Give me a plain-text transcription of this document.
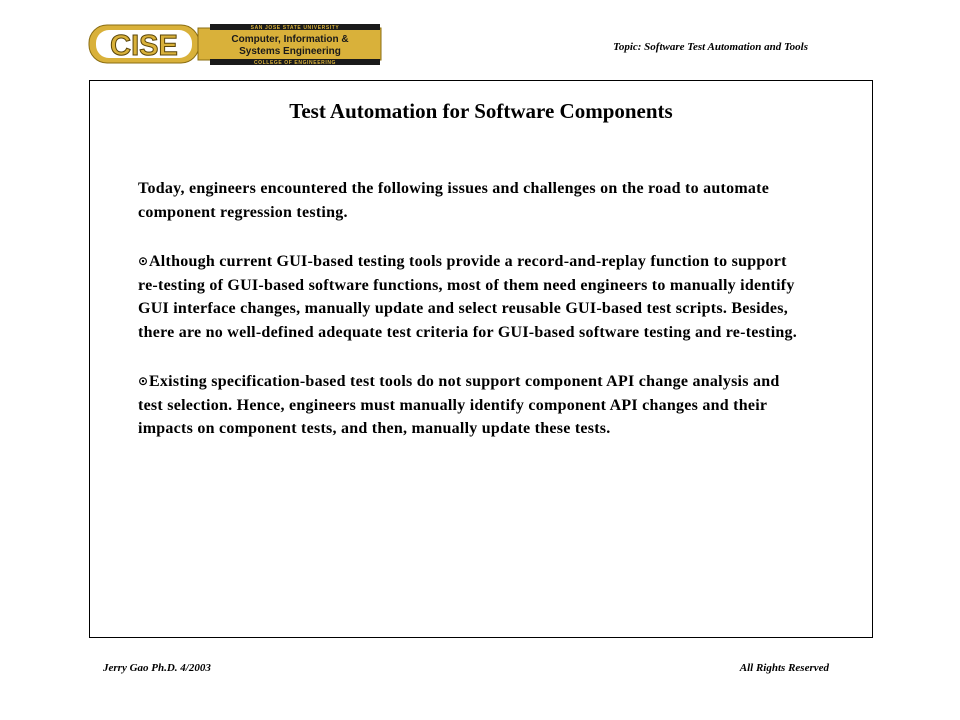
CISE
SAN JOSE STATE UNIVERSITY
Computer, Information &
Systems Engineering
COLLEGE OF ENGINEERING
Topic: Software Test Automation and Tools
Test Automation for Software Components

Today, engineers encountered the following issues and challenges on the road to automate component regression testing.

⊙Although current GUI-based testing tools provide a record-and-replay function to support re-testing of GUI-based software functions, most of them need engineers to manually identify GUI interface changes, manually update and select reusable GUI-based test scripts. Besides, there are no well-defined adequate test criteria for GUI-based software testing and re-testing.

⊙Existing specification-based test tools do not support component API change analysis and test selection. Hence, engineers must manually identify component API changes and their impacts on component tests, and then, manually update these tests.

Jerry Gao Ph.D. 4/2003	All Rights Reserved
